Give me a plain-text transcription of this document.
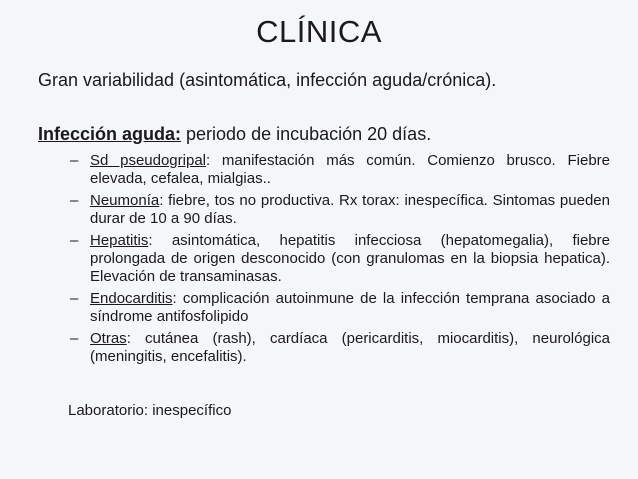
CLÍNICA
Gran variabilidad (asintomática, infección aguda/crónica).
Infección aguda: periodo de incubación 20 días.
– Sd pseudogripal: manifestación más común. Comienzo brusco. Fiebre elevada, cefalea, mialgias..
– Neumonía: fiebre, tos no productiva. Rx torax: inespecífica. Sintomas pueden durar de 10 a 90 días.
– Hepatitis: asintomática, hepatitis infecciosa (hepatomegalia), fiebre prolongada de origen desconocido (con granulomas en la biopsia hepatica). Elevación de transaminasas.
– Endocarditis: complicación autoinmune de la infección temprana asociado a síndrome antifosfolipido
– Otras: cutánea (rash), cardíaca (pericarditis, miocarditis), neurológica (meningitis, encefalitis).
Laboratorio: inespecífico
